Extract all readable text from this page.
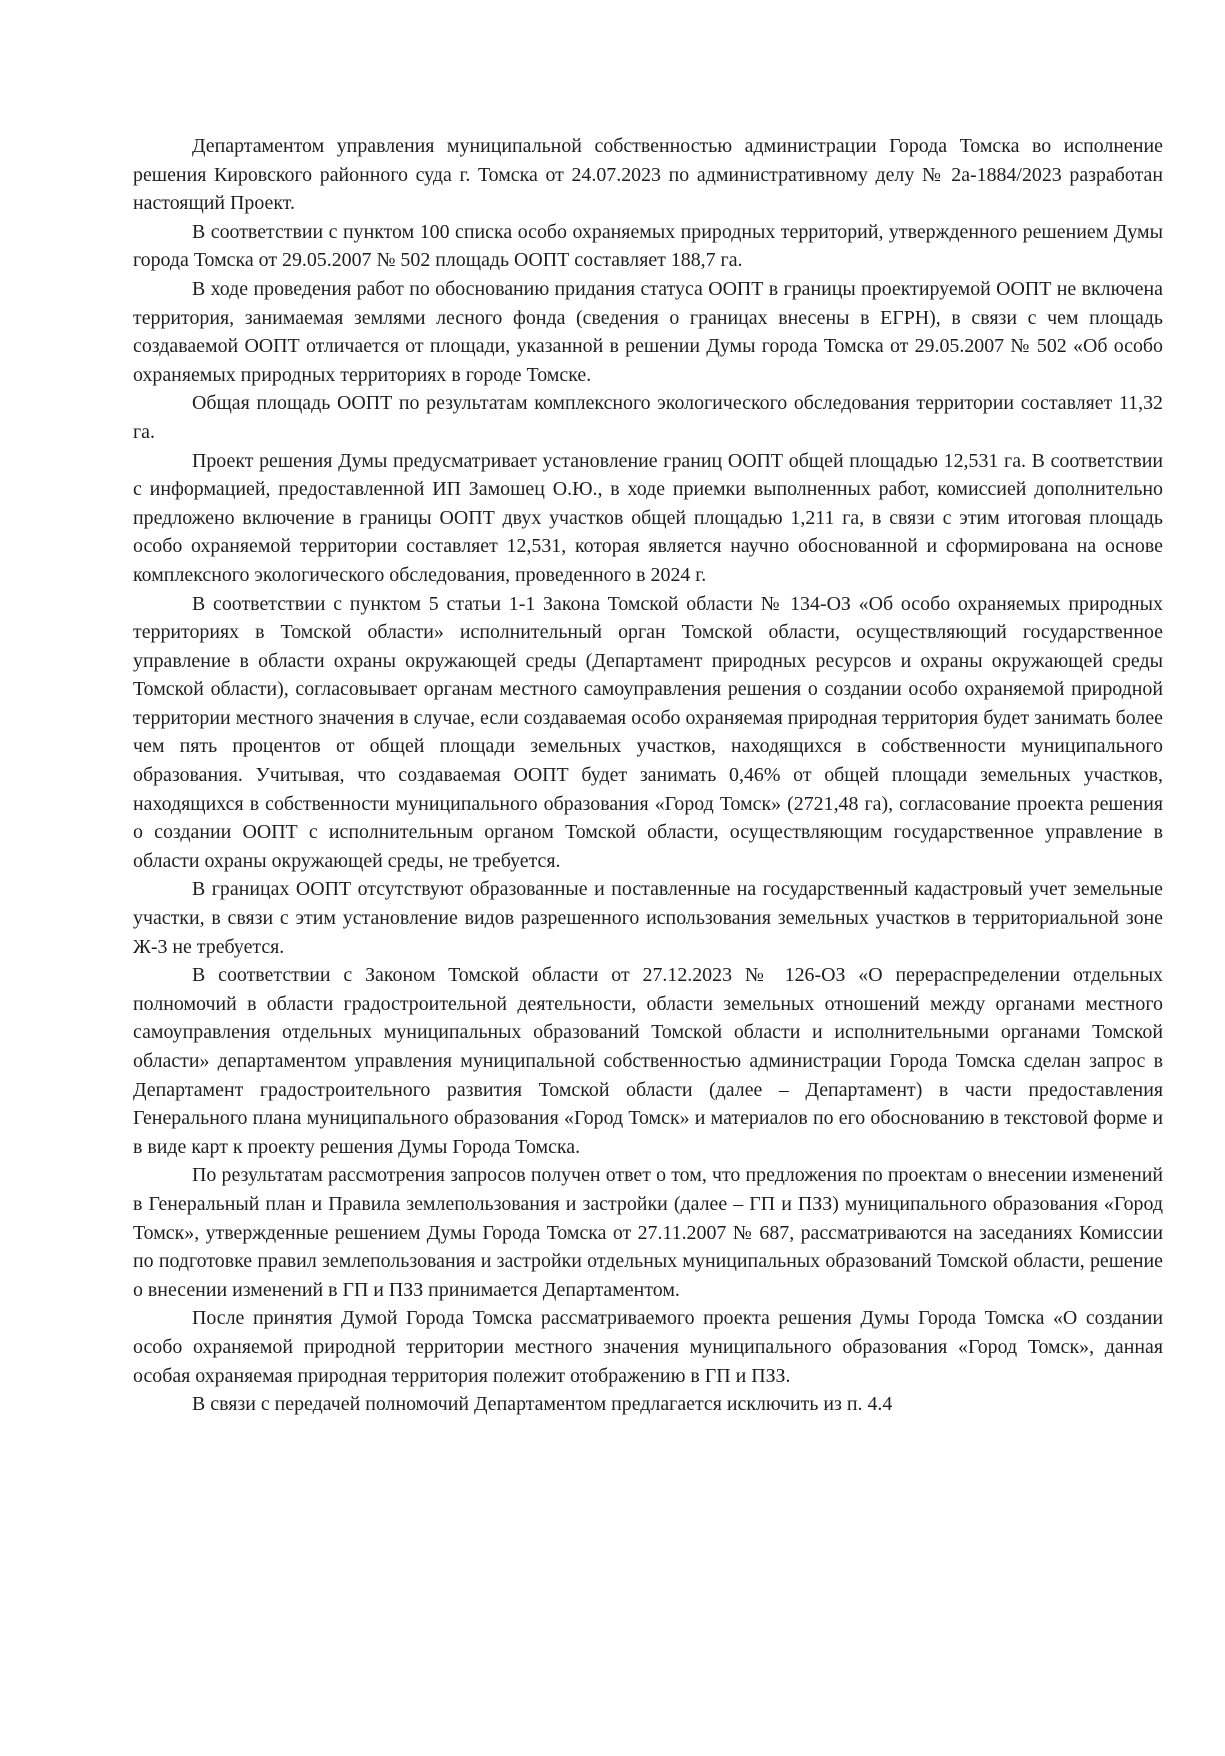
Департаментом управления муниципальной собственностью администрации Города Томска во исполнение решения Кировского районного суда г. Томска от 24.07.2023 по административному делу № 2а-1884/2023 разработан настоящий Проект.

В соответствии с пунктом 100 списка особо охраняемых природных территорий, утвержденного решением Думы города Томска от 29.05.2007 № 502 площадь ООПТ составляет 188,7 га.

В ходе проведения работ по обоснованию придания статуса ООПТ в границы проектируемой ООПТ не включена территория, занимаемая землями лесного фонда (сведения о границах внесены в ЕГРН), в связи с чем площадь создаваемой ООПТ отличается от площади, указанной в решении Думы города Томска от 29.05.2007 № 502 «Об особо охраняемых природных территориях в городе Томске.

Общая площадь ООПТ по результатам комплексного экологического обследования территории составляет 11,32 га.

Проект решения Думы предусматривает установление границ ООПТ общей площадью 12,531 га. В соответствии с информацией, предоставленной ИП Замошец О.Ю., в ходе приемки выполненных работ, комиссией дополнительно предложено включение в границы ООПТ двух участков общей площадью 1,211 га, в связи с этим итоговая площадь особо охраняемой территории составляет 12,531, которая является научно обоснованной и сформирована на основе комплексного экологического обследования, проведенного в 2024 г.

В соответствии с пунктом 5 статьи 1-1 Закона Томской области № 134-ОЗ «Об особо охраняемых природных территориях в Томской области» исполнительный орган Томской области, осуществляющий государственное управление в области охраны окружающей среды (Департамент природных ресурсов и охраны окружающей среды Томской области), согласовывает органам местного самоуправления решения о создании особо охраняемой природной территории местного значения в случае, если создаваемая особо охраняемая природная территория будет занимать более чем пять процентов от общей площади земельных участков, находящихся в собственности муниципального образования. Учитывая, что создаваемая ООПТ будет занимать 0,46% от общей площади земельных участков, находящихся в собственности муниципального образования «Город Томск» (2721,48 га), согласование проекта решения о создании ООПТ с исполнительным органом Томской области, осуществляющим государственное управление в области охраны окружающей среды, не требуется.

В границах ООПТ отсутствуют образованные и поставленные на государственный кадастровый учет земельные участки, в связи с этим установление видов разрешенного использования земельных участков в территориальной зоне Ж-3 не требуется.

В соответствии с Законом Томской области от 27.12.2023 № 126-ОЗ «О перераспределении отдельных полномочий в области градостроительной деятельности, области земельных отношений между органами местного самоуправления отдельных муниципальных образований Томской области и исполнительными органами Томской области» департаментом управления муниципальной собственностью администрации Города Томска сделан запрос в Департамент градостроительного развития Томской области (далее – Департамент) в части предоставления Генерального плана муниципального образования «Город Томск» и материалов по его обоснованию в текстовой форме и в виде карт к проекту решения Думы Города Томска.

По результатам рассмотрения запросов получен ответ о том, что предложения по проектам о внесении изменений в Генеральный план и Правила землепользования и застройки (далее – ГП и ПЗЗ) муниципального образования «Город Томск», утвержденные решением Думы Города Томска от 27.11.2007 № 687, рассматриваются на заседаниях Комиссии по подготовке правил землепользования и застройки отдельных муниципальных образований Томской области, решение о внесении изменений в ГП и ПЗЗ принимается Департаментом.

После принятия Думой Города Томска рассматриваемого проекта решения Думы Города Томска «О создании особо охраняемой природной территории местного значения муниципального образования «Город Томск», данная особая охраняемая природная территория полежит отображению в ГП и ПЗЗ.

В связи с передачей полномочий Департаментом предлагается исключить из п. 4.4
